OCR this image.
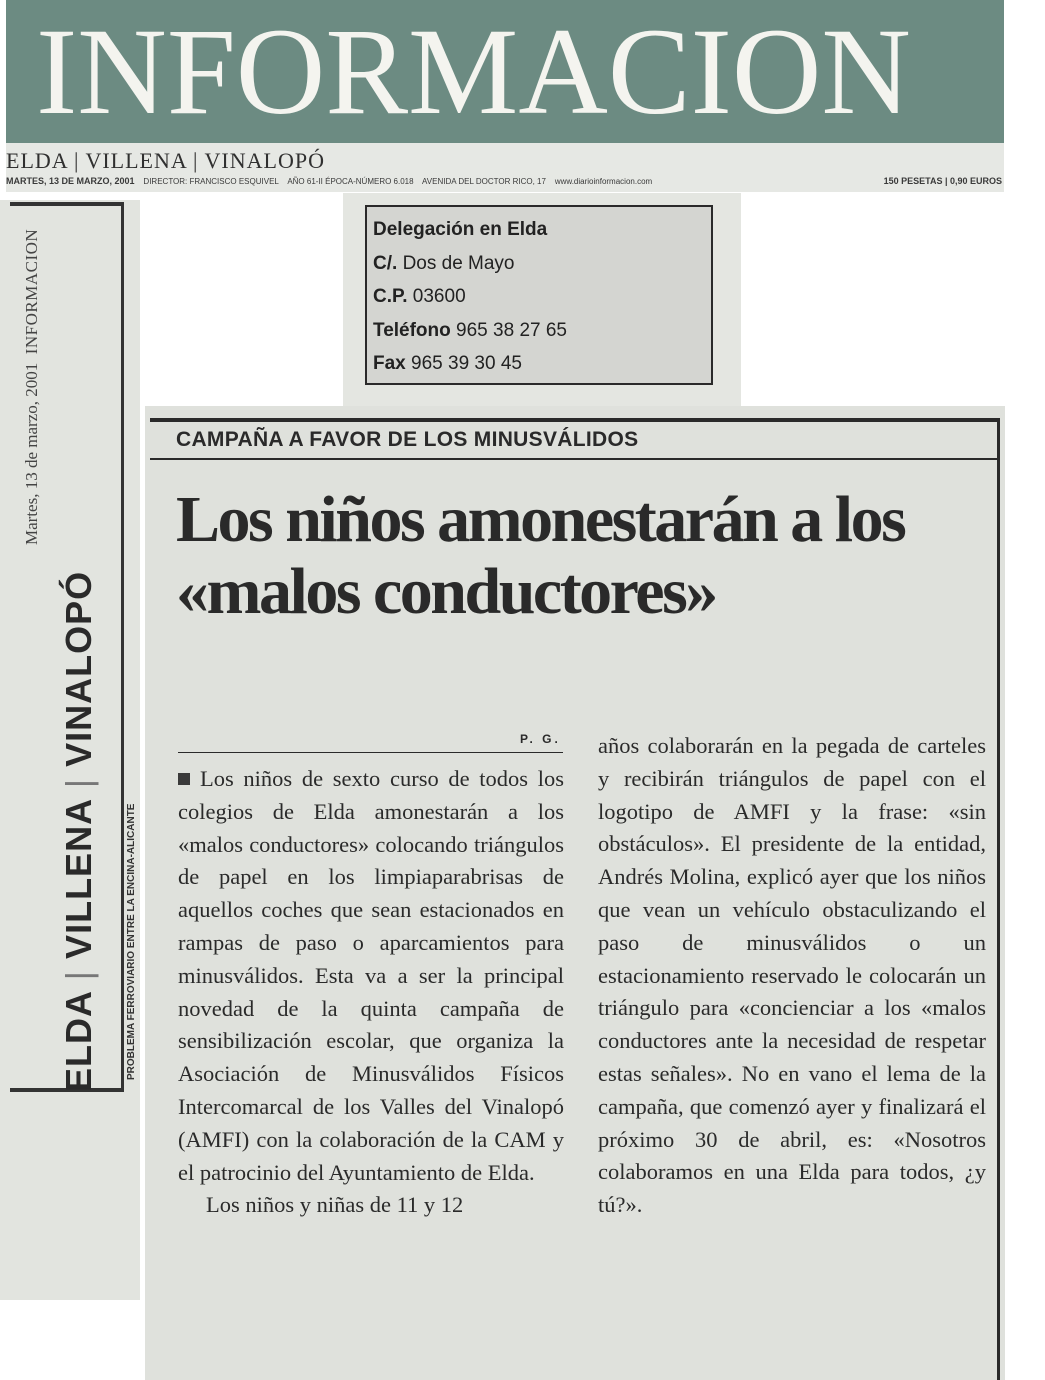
INFORMACION
ELDA | VILLENA | VINALOPÓ
MARTES, 13 DE MARZO, 2001 DIRECTOR: FRANCISCO ESQUIVEL AÑO 61-II ÉPOCA-NÚMERO 6.018 AVENIDA DEL DOCTOR RICO, 17 www.diarioinformacion.com	150 PESETAS | 0,90 EUROS
Martes, 13 de marzo, 2001  INFORMACION
ELDA | VILLENA | VINALOPÓ
PROBLEMA FERROVIARIO ENTRE LA ENCINA-ALICANTE
Delegación en Elda
C/. Dos de Mayo
C.P. 03600
Teléfono 965 38 27 65
Fax 965 39 30 45
CAMPAÑA A FAVOR DE LOS MINUSVÁLIDOS
Los niños amonestarán a los «malos conductores»
P. G.

Los niños de sexto curso de todos los colegios de Elda amonestarán a los «malos conductores» colocando triángulos de papel en los limpiaparabrisas de aquellos coches que sean estacionados en rampas de paso o aparcamientos para minusválidos. Esta va a ser la principal novedad de la quinta campaña de sensibilización escolar, que organiza la Asociación de Minusválidos Físicos Intercomarcal de los Valles del Vinalopó (AMFI) con la colaboración de la CAM y el patrocinio del Ayuntamiento de Elda.

Los niños y niñas de 11 y 12

años colaborarán en la pegada de carteles y recibirán triángulos de papel con el logotipo de AMFI y la frase: «sin obstáculos». El presidente de la entidad, Andrés Molina, explicó ayer que los niños que vean un vehículo obstaculizando el paso de minusválidos o un estacionamiento reservado le colocarán un triángulo para «concienciar a los «malos conductores ante la necesidad de respetar estas señales». No en vano el lema de la campaña, que comenzó ayer y finalizará el próximo 30 de abril, es: «Nosotros colaboramos en una Elda para todos, ¿y tú?».
